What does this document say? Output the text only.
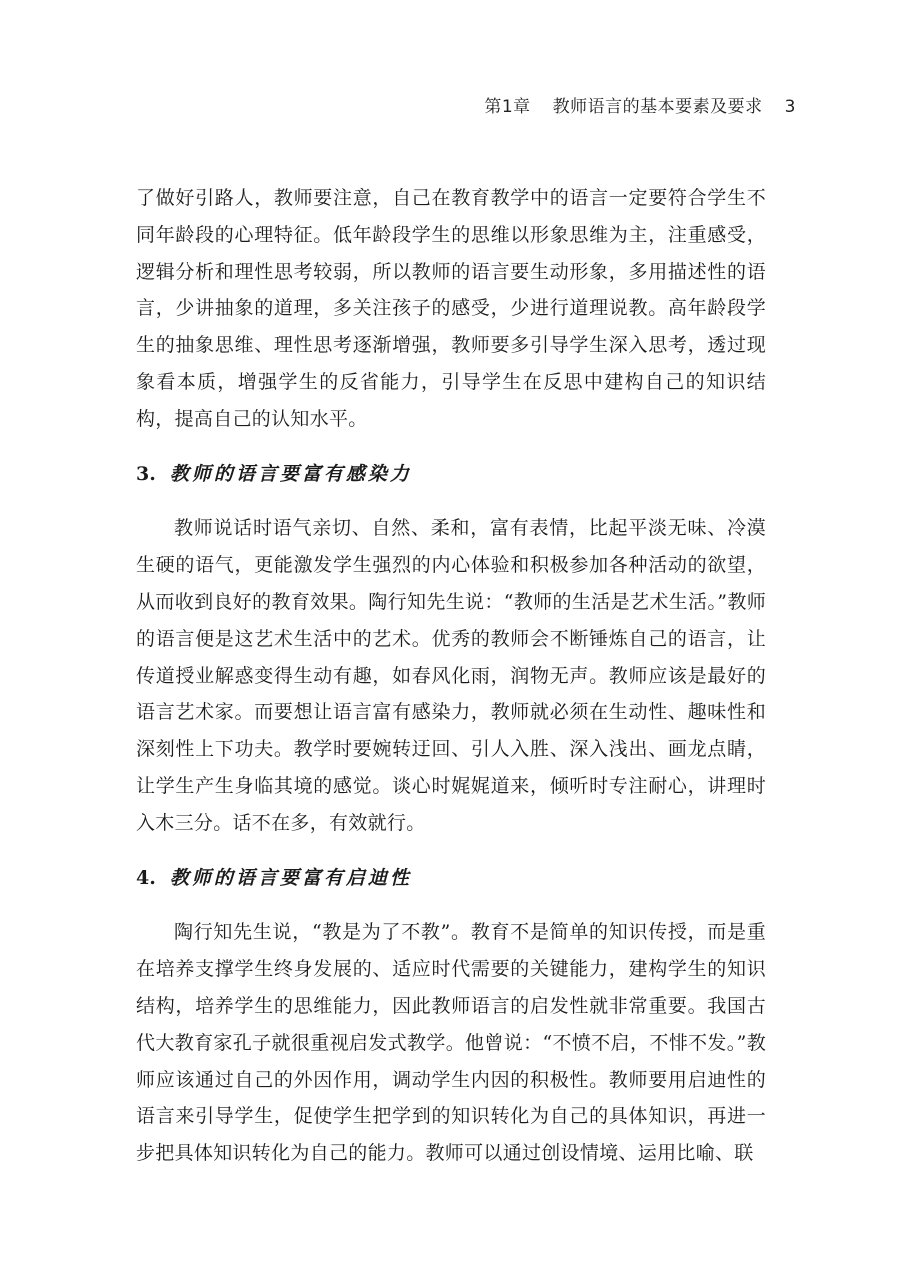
第1章 教师语言的基本要素及要求 3

了做好引路人，教师要注意，自己在教育教学中的语言一定要符合学生不同年龄段的心理特征。低年龄段学生的思维以形象思维为主，注重感受，逻辑分析和理性思考较弱，所以教师的语言要生动形象，多用描述性的语言，少讲抽象的道理，多关注孩子的感受，少进行道理说教。高年龄段学生的抽象思维、理性思考逐渐增强，教师要多引导学生深入思考，透过现象看本质，增强学生的反省能力，引导学生在反思中建构自己的知识结构，提高自己的认知水平。

3. 教师的语言要富有感染力

教师说话时语气亲切、自然、柔和，富有表情，比起平淡无味、冷漠生硬的语气，更能激发学生强烈的内心体验和积极参加各种活动的欲望，从而收到良好的教育效果。陶行知先生说：“教师的生活是艺术生活。”教师的语言便是这艺术生活中的艺术。优秀的教师会不断锤炼自己的语言，让传道授业解惑变得生动有趣，如春风化雨，润物无声。教师应该是最好的语言艺术家。而要想让语言富有感染力，教师就必须在生动性、趣味性和深刻性上下功夫。教学时要婉转迂回、引人入胜、深入浅出、画龙点睛，让学生产生身临其境的感觉。谈心时娓娓道来，倾听时专注耐心，讲理时入木三分。话不在多，有效就行。

4. 教师的语言要富有启迪性

陶行知先生说，“教是为了不教”。教育不是简单的知识传授，而是重在培养支撑学生终身发展的、适应时代需要的关键能力，建构学生的知识结构，培养学生的思维能力，因此教师语言的启发性就非常重要。我国古代大教育家孔子就很重视启发式教学。他曾说：“不愤不启，不悱不发。”教师应该通过自己的外因作用，调动学生内因的积极性。教师要用启迪性的语言来引导学生，促使学生把学到的知识转化为自己的具体知识，再进一步把具体知识转化为自己的能力。教师可以通过创设情境、运用比喻、联
